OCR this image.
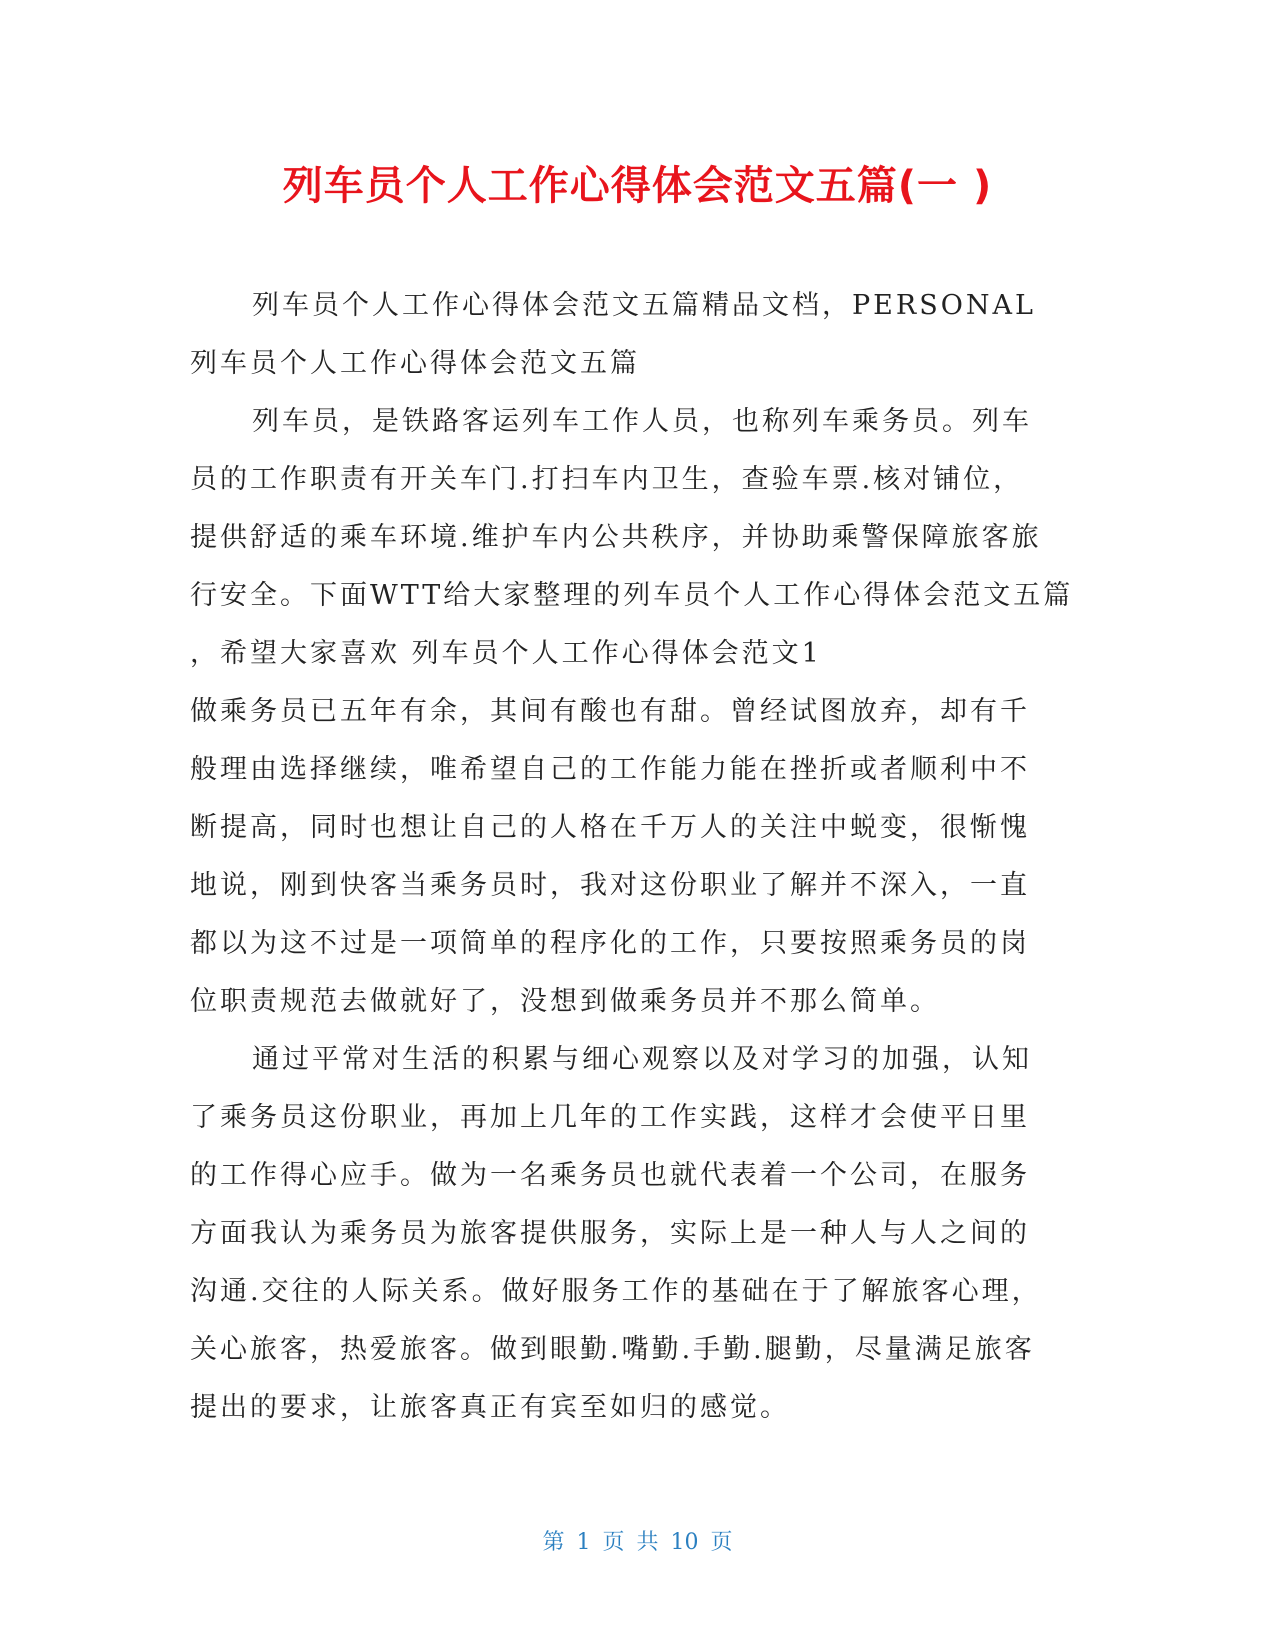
列车员个人工作心得体会范文五篇(一 )
列车员个人工作心得体会范文五篇精品文档，PERSONAL
列车员个人工作心得体会范文五篇
列车员，是铁路客运列车工作人员，也称列车乘务员。列车
员的工作职责有开关车门.打扫车内卫生，查验车票.核对铺位，
提供舒适的乘车环境.维护车内公共秩序，并协助乘警保障旅客旅
行安全。下面WTT给大家整理的列车员个人工作心得体会范文五篇
，希望大家喜欢 列车员个人工作心得体会范文1
做乘务员已五年有余，其间有酸也有甜。曾经试图放弃，却有千
般理由选择继续，唯希望自己的工作能力能在挫折或者顺利中不
断提高，同时也想让自己的人格在千万人的关注中蜕变，很惭愧
地说，刚到快客当乘务员时，我对这份职业了解并不深入，一直
都以为这不过是一项简单的程序化的工作，只要按照乘务员的岗
位职责规范去做就好了，没想到做乘务员并不那么简单。
通过平常对生活的积累与细心观察以及对学习的加强，认知
了乘务员这份职业，再加上几年的工作实践，这样才会使平日里
的工作得心应手。做为一名乘务员也就代表着一个公司，在服务
方面我认为乘务员为旅客提供服务，实际上是一种人与人之间的
沟通.交往的人际关系。做好服务工作的基础在于了解旅客心理，
关心旅客，热爱旅客。做到眼勤.嘴勤.手勤.腿勤，尽量满足旅客
提出的要求，让旅客真正有宾至如归的感觉。
第 1 页 共 10 页
